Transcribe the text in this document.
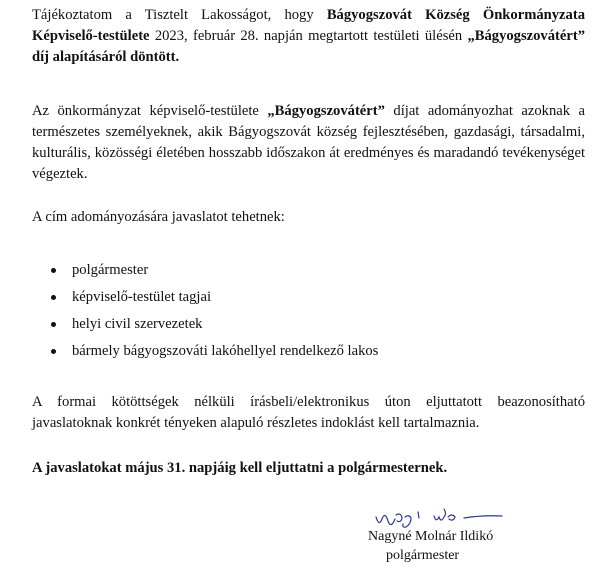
Tájékoztatom a Tisztelt Lakosságot, hogy Bágyogszovát Község Önkormányzata Képviselő-testülete 2023, február 28. napján megtartott testületi ülésén „Bágyogszovátért” díj alapításáról döntött.

Az önkormányzat képviselő-testülete „Bágyogszovátért” díjat adományozhat azoknak a természetes személyeknek, akik Bágyogszovát község fejlesztésében, gazdasági, társadalmi, kulturális, közösségi életében hosszabb időszakon át eredményes és maradandó tevékenységet végeztek.

A cím adományozására javaslatot tehetnek:

polgármester
képviselő-testület tagjai
helyi civil szervezetek
bármely bágyogszováti lakóhellyel rendelkező lakos

A formai kötöttségek nélküli írásbeli/elektronikus úton eljuttatott beazonosítható javaslatoknak konkrét tényeken alapuló részletes indoklást kell tartalmaznia.

A javaslatokat május 31. napjáig kell eljuttatni a polgármesternek.

Nagyné Molnár Ildikó
polgármester
